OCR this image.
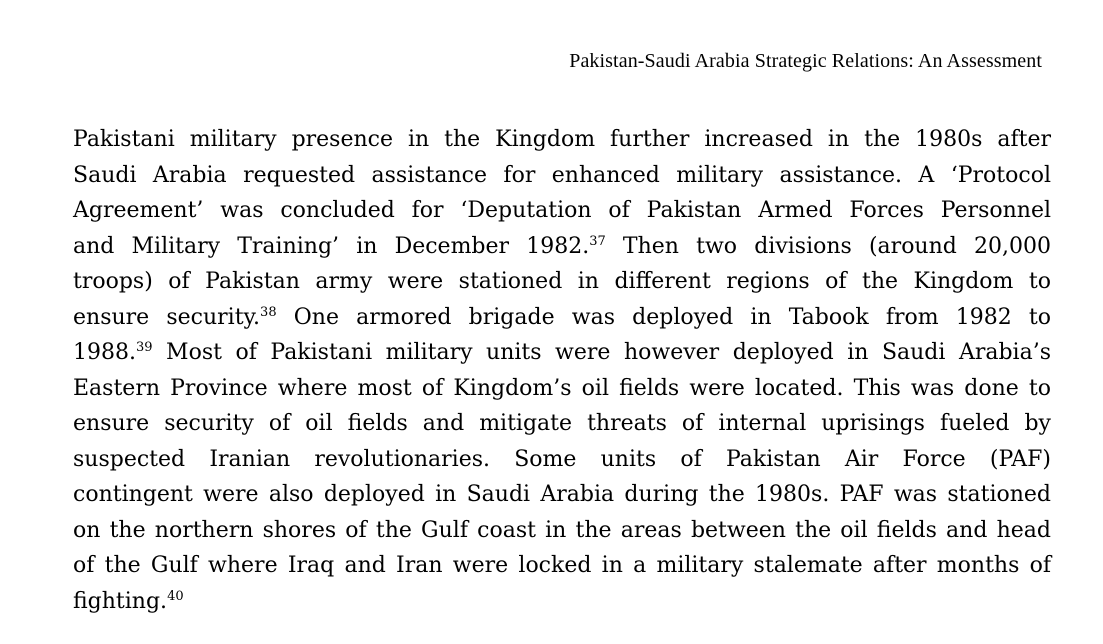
Pakistan-Saudi Arabia Strategic Relations: An Assessment
Pakistani military presence in the Kingdom further increased in the 1980s after
Saudi Arabia requested assistance for enhanced military assistance. A ‘Protocol
Agreement’ was concluded for ‘Deputation of Pakistan Armed Forces Personnel
and Military Training’ in December 1982.37 Then two divisions (around 20,000
troops) of Pakistan army were stationed in different regions of the Kingdom to
ensure security.$^{38}$ One armored brigade was deployed in Tabook from 1982 to
1988.39 Most of Pakistani military units were however deployed in Saudi Arabia’s
Eastern Province where most of Kingdom’s oil fields were located. This was done to
ensure security of oil fields and mitigate threats of internal uprisings fueled by
suspected Iranian revolutionaries. Some units of Pakistan Air Force (PAF)
contingent were also deployed in Saudi Arabia during the 1980s. PAF was stationed
on the northern shores of the Gulf coast in the areas between the oil fields and head
of the Gulf where Iraq and Iran were locked in a military stalemate after months of
fighting.$^{40}$
